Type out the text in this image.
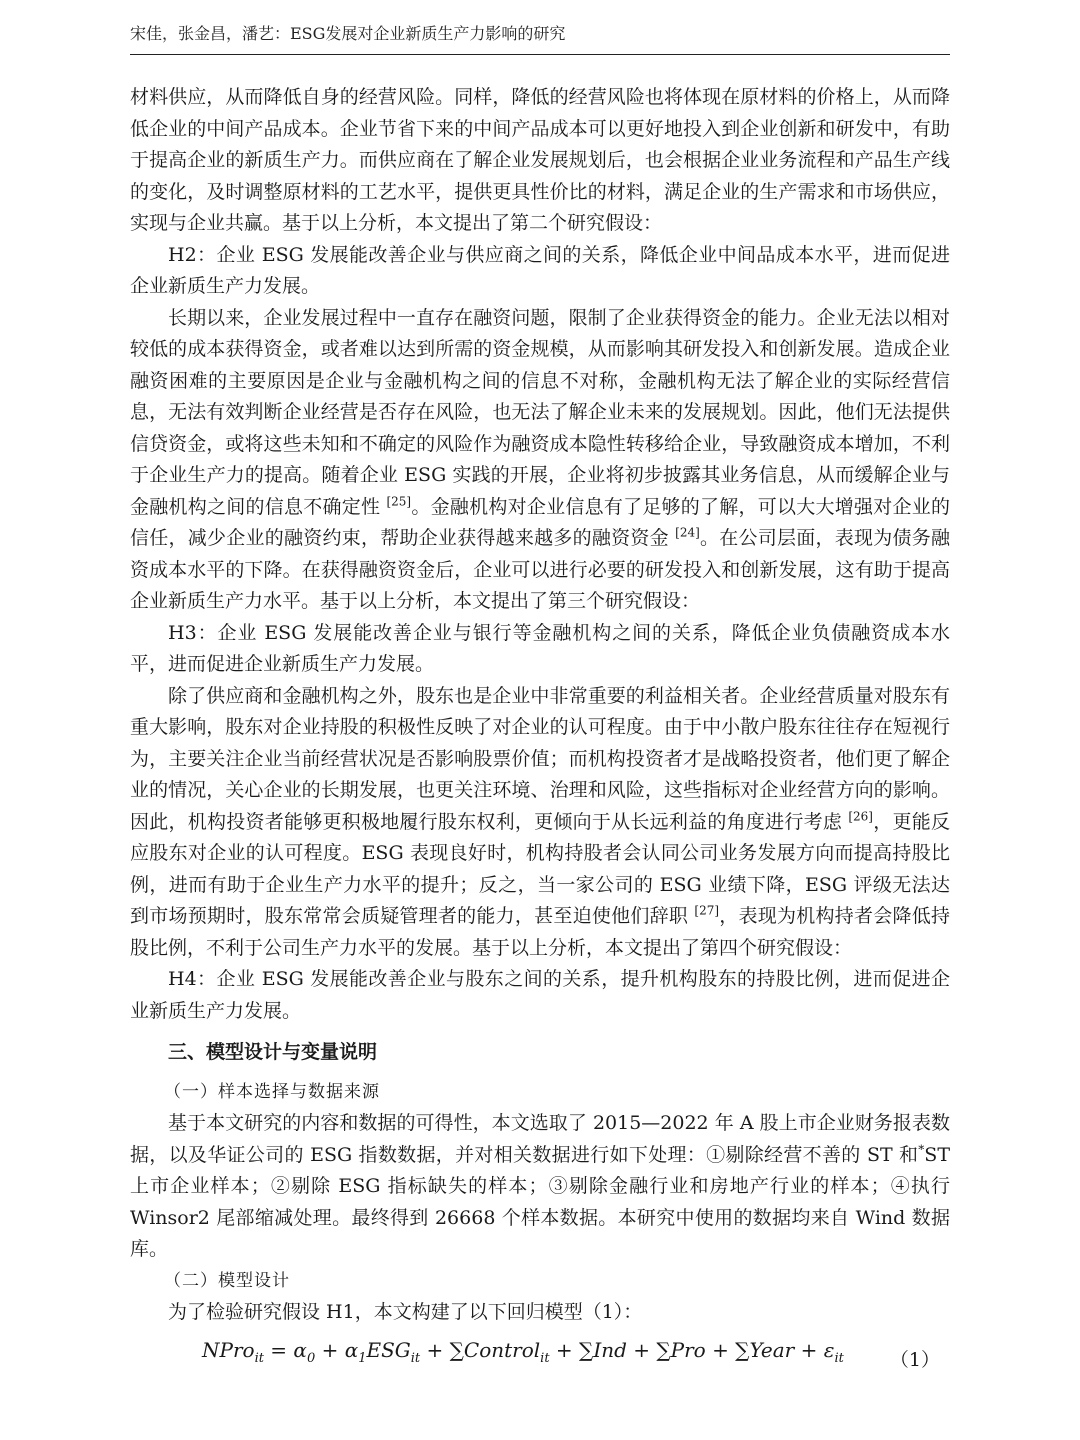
宋佳，张金昌，潘艺：ESG发展对企业新质生产力影响的研究

材料供应，从而降低自身的经营风险。同样，降低的经营风险也将体现在原材料的价格上，从而降低企业的中间产品成本。企业节省下来的中间产品成本可以更好地投入到企业创新和研发中，有助于提高企业的新质生产力。而供应商在了解企业发展规划后，也会根据企业业务流程和产品生产线的变化，及时调整原材料的工艺水平，提供更具性价比的材料，满足企业的生产需求和市场供应，实现与企业共赢。基于以上分析，本文提出了第二个研究假设：

H2：企业 ESG 发展能改善企业与供应商之间的关系，降低企业中间品成本水平，进而促进企业新质生产力发展。

长期以来，企业发展过程中一直存在融资问题，限制了企业获得资金的能力。企业无法以相对较低的成本获得资金，或者难以达到所需的资金规模，从而影响其研发投入和创新发展。造成企业融资困难的主要原因是企业与金融机构之间的信息不对称，金融机构无法了解企业的实际经营信息，无法有效判断企业经营是否存在风险，也无法了解企业未来的发展规划。因此，他们无法提供信贷资金，或将这些未知和不确定的风险作为融资成本隐性转移给企业，导致融资成本增加，不利于企业生产力的提高。随着企业 ESG 实践的开展，企业将初步披露其业务信息，从而缓解企业与金融机构之间的信息不确定性 [25]。金融机构对企业信息有了足够的了解，可以大大增强对企业的信任，减少企业的融资约束，帮助企业获得越来越多的融资资金 [24]。在公司层面，表现为债务融资成本水平的下降。在获得融资资金后，企业可以进行必要的研发投入和创新发展，这有助于提高企业新质生产力水平。基于以上分析，本文提出了第三个研究假设：

H3：企业 ESG 发展能改善企业与银行等金融机构之间的关系，降低企业负债融资成本水平，进而促进企业新质生产力发展。

除了供应商和金融机构之外，股东也是企业中非常重要的利益相关者。企业经营质量对股东有重大影响，股东对企业持股的积极性反映了对企业的认可程度。由于中小散户股东往往存在短视行为，主要关注企业当前经营状况是否影响股票价值；而机构投资者才是战略投资者，他们更了解企业的情况，关心企业的长期发展，也更关注环境、治理和风险，这些指标对企业经营方向的影响。因此，机构投资者能够更积极地履行股东权利，更倾向于从长远利益的角度进行考虑 [26]，更能反应股东对企业的认可程度。ESG 表现良好时，机构持股者会认同公司业务发展方向而提高持股比例，进而有助于企业生产力水平的提升；反之，当一家公司的 ESG 业绩下降，ESG 评级无法达到市场预期时，股东常常会质疑管理者的能力，甚至迫使他们辞职 [27]，表现为机构持者会降低持股比例，不利于公司生产力水平的发展。基于以上分析，本文提出了第四个研究假设：

H4：企业 ESG 发展能改善企业与股东之间的关系，提升机构股东的持股比例，进而促进企业新质生产力发展。

三、模型设计与变量说明
（一）样本选择与数据来源

基于本文研究的内容和数据的可得性，本文选取了 2015—2022 年 A 股上市企业财务报表数据，以及华证公司的 ESG 指数数据，并对相关数据进行如下处理：①剔除经营不善的 ST 和*ST 上市企业样本；②剔除 ESG 指标缺失的样本；③剔除金融行业和房地产行业的样本；④执行 Winsor2 尾部缩减处理。最终得到 26668 个样本数据。本研究中使用的数据均来自 Wind 数据库。

（二）模型设计

为了检验研究假设 H1，本文构建了以下回归模型（1）：

NPro$_{it}$ = $\alpha_0 + \alpha_1ESG_{it}$ + ∑Control$_{it}$ + ∑Ind + ∑Pro + ∑Year + $\varepsilon_{it}$ （1）
